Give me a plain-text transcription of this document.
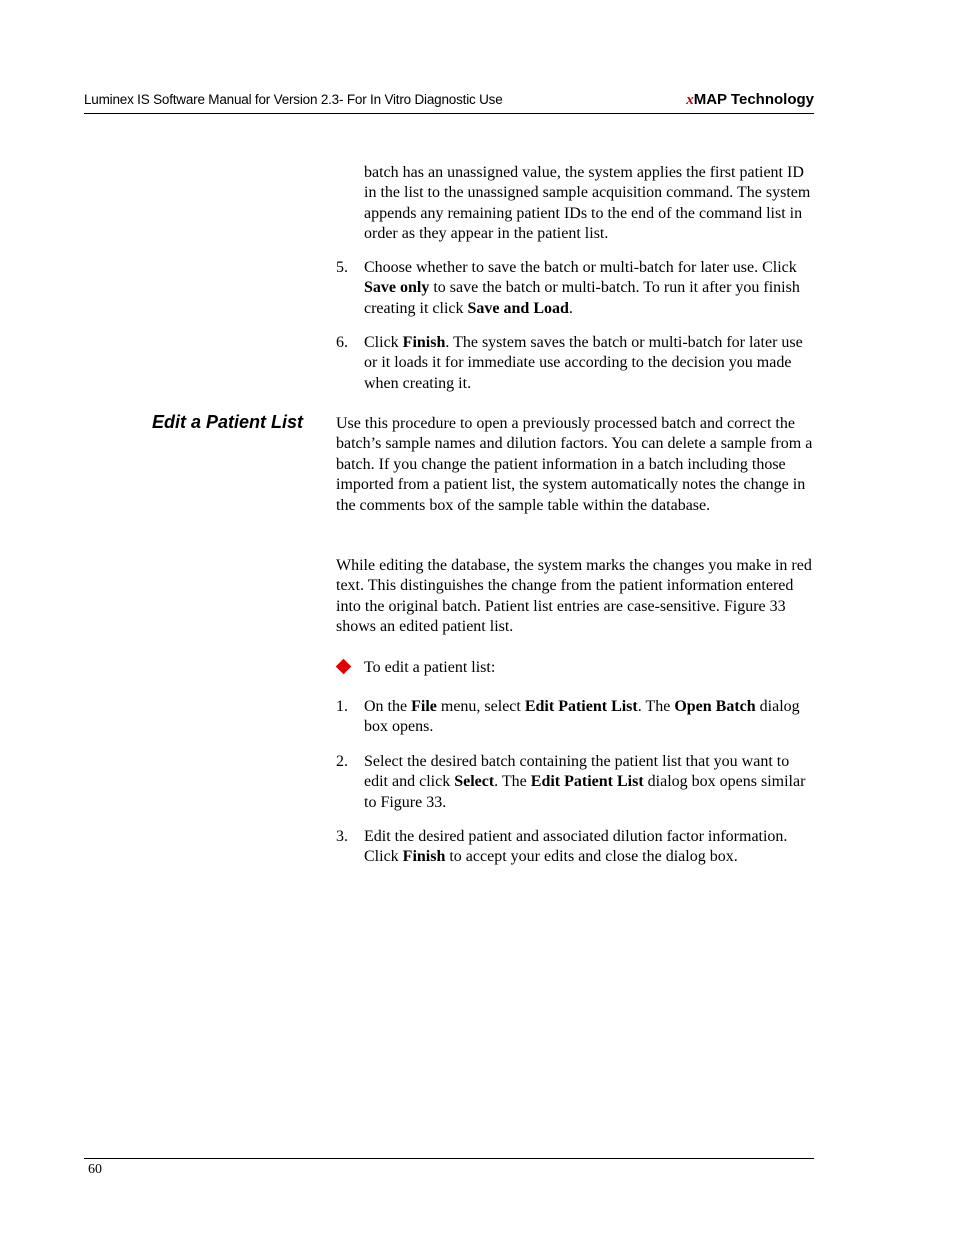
Luminex IS Software Manual for Version 2.3- For In Vitro Diagnostic Use	xMAP Technology

batch has an unassigned value, the system applies the first patient ID in the list to the unassigned sample acquisition command. The system appends any remaining patient IDs to the end of the command list in order as they appear in the patient list.

5. Choose whether to save the batch or multi-batch for later use. Click Save only to save the batch or multi-batch. To run it after you finish creating it click Save and Load.

6. Click Finish. The system saves the batch or multi-batch for later use or it loads it for immediate use according to the decision you made when creating it.

Edit a Patient List Use this procedure to open a previously processed batch and correct the batch’s sample names and dilution factors. You can delete a sample from a batch. If you change the patient information in a batch including those imported from a patient list, the system automatically notes the change in the comments box of the sample table within the database.

While editing the database, the system marks the changes you make in red text. This distinguishes the change from the patient information entered into the original batch. Patient list entries are case-sensitive. Figure 33 shows an edited patient list.

To edit a patient list:

1. On the File menu, select Edit Patient List. The Open Batch dialog box opens.

2. Select the desired batch containing the patient list that you want to edit and click Select. The Edit Patient List dialog box opens similar to Figure 33.

3. Edit the desired patient and associated dilution factor information. Click Finish to accept your edits and close the dialog box.

60
